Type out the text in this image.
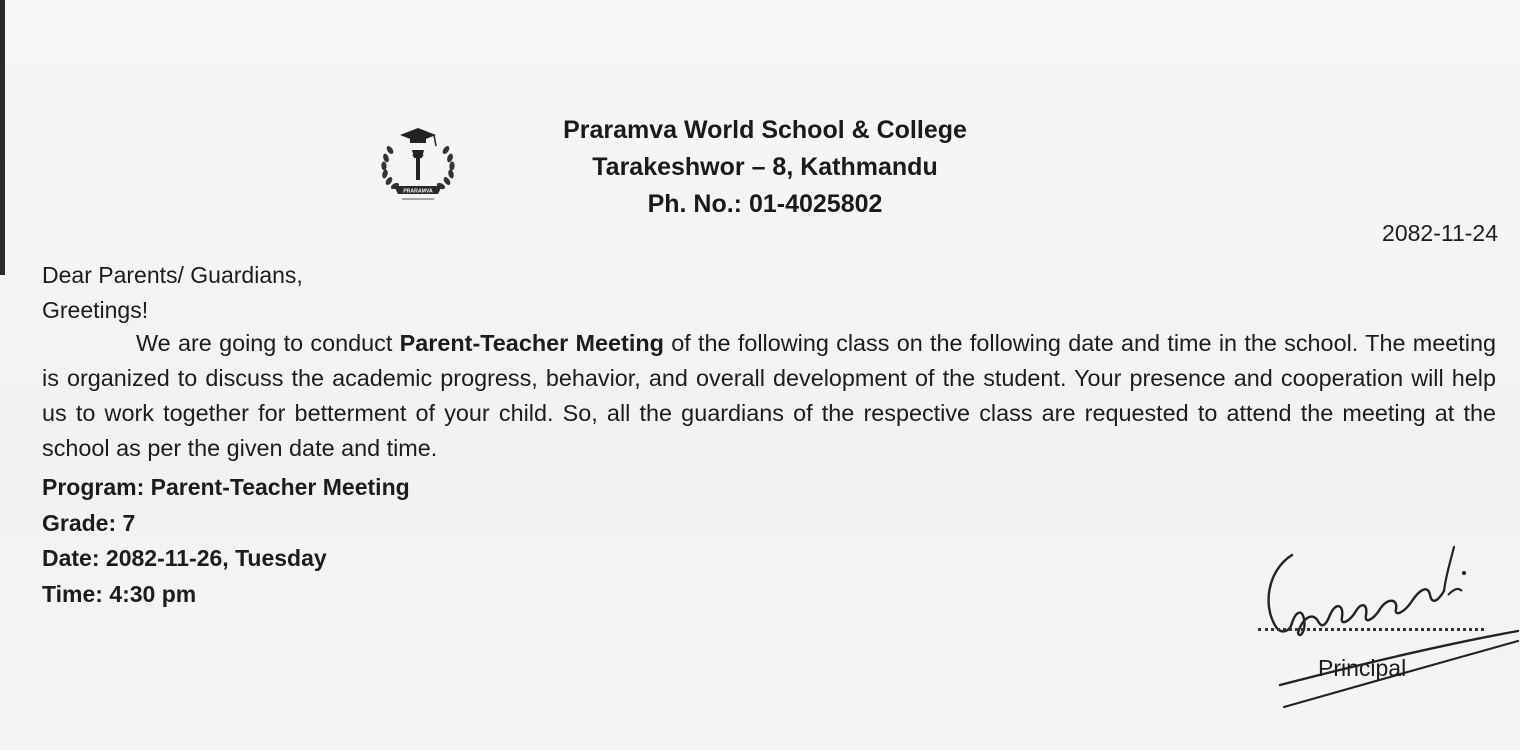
PRARAMVA
Praramva World School & College
Tarakeshwor – 8, Kathmandu
Ph. No.: 01-4025802
2082-11-24
Dear Parents/ Guardians,
Greetings!
We are going to conduct Parent-Teacher Meeting of the following class on the following date and time in the school. The meeting is organized to discuss the academic progress, behavior, and overall development of the student. Your presence and cooperation will help us to work together for betterment of your child. So, all the guardians of the respective class are requested to attend the meeting at the school as per the given date and time.
Program: Parent-Teacher Meeting
Grade: 7
Date: 2082-11-26, Tuesday
Time: 4:30 pm
Principal
